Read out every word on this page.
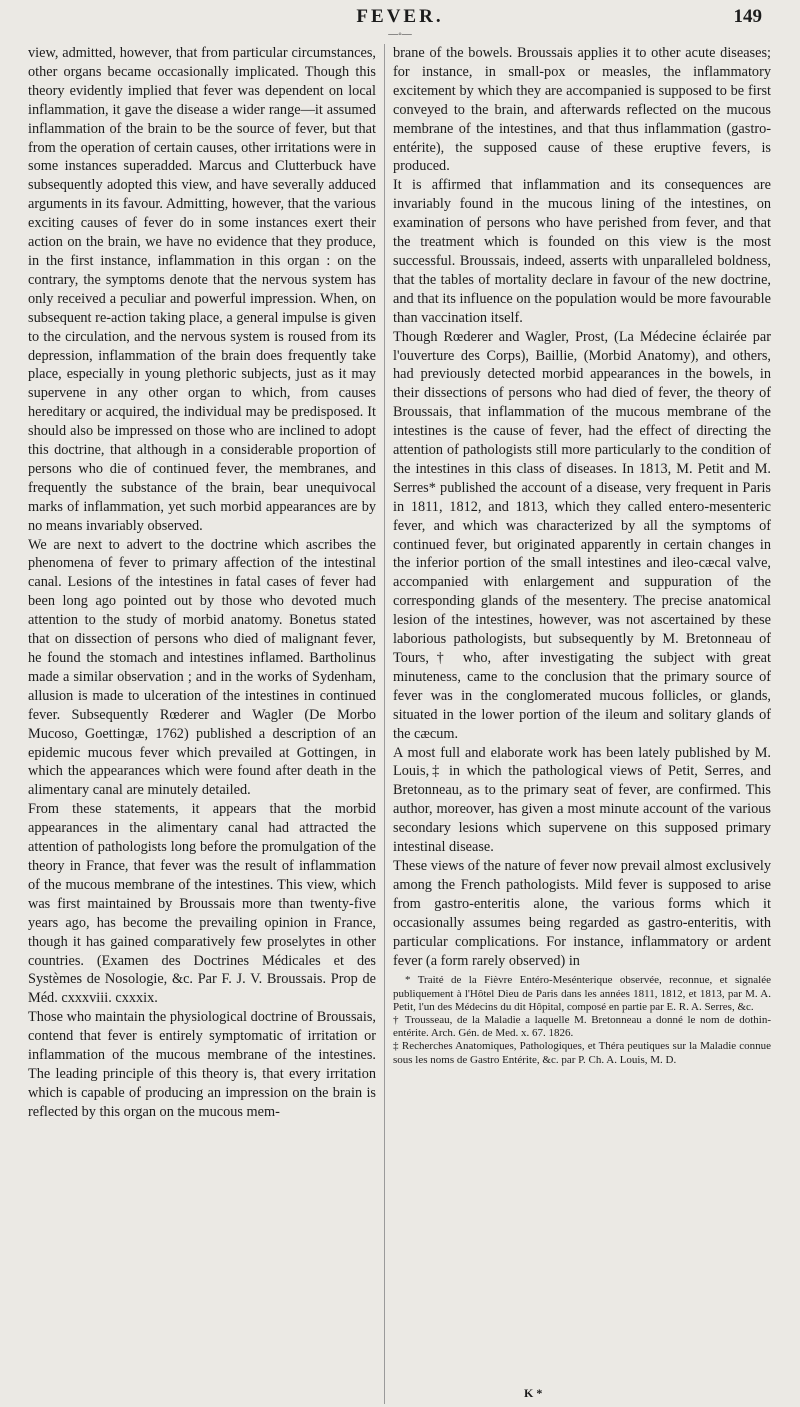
FEVER.	149
—◦—

view, admitted, however, that from particular circumstances, other organs became occasionally implicated. Though this theory evidently implied that fever was dependent on local inflammation, it gave the disease a wider range—it assumed inflammation of the brain to be the source of fever, but that from the operation of certain causes, other irritations were in some instances superadded. Marcus and Clutterbuck have subsequently adopted this view, and have severally adduced arguments in its favour. Admitting, however, that the various exciting causes of fever do in some instances exert their action on the brain, we have no evidence that they produce, in the first instance, inflammation in this organ : on the contrary, the symptoms denote that the nervous system has only received a peculiar and powerful impression. When, on subsequent re-action taking place, a general impulse is given to the circulation, and the nervous system is roused from its depression, inflammation of the brain does frequently take place, especially in young plethoric subjects, just as it may supervene in any other organ to which, from causes hereditary or acquired, the individual may be predisposed. It should also be impressed on those who are inclined to adopt this doctrine, that although in a considerable proportion of persons who die of continued fever, the membranes, and frequently the substance of the brain, bear unequivocal marks of inflammation, yet such morbid appearances are by no means invariably observed.

We are next to advert to the doctrine which ascribes the phenomena of fever to primary affection of the intestinal canal. Lesions of the intestines in fatal cases of fever had been long ago pointed out by those who devoted much attention to the study of morbid anatomy. Bonetus stated that on dissection of persons who died of malignant fever, he found the stomach and intestines inflamed. Bartholinus made a similar observation ; and in the works of Sydenham, allusion is made to ulceration of the intestines in continued fever. Subsequently Rœderer and Wagler (De Morbo Mucoso, Goettingæ, 1762) published a description of an epidemic mucous fever which prevailed at Gottingen, in which the appearances which were found after death in the alimentary canal are minutely detailed.

From these statements, it appears that the morbid appearances in the alimentary canal had attracted the attention of pathologists long before the promulgation of the theory in France, that fever was the result of inflammation of the mucous membrane of the intestines. This view, which was first maintained by Broussais more than twenty-five years ago, has become the prevailing opinion in France, though it has gained comparatively few proselytes in other countries. (Examen des Doctrines Médicales et des Systèmes de Nosologie, &c. Par F. J. V. Broussais. Prop de Méd. cxxxviii. cxxxix.

Those who maintain the physiological doctrine of Broussais, contend that fever is entirely symptomatic of irritation or inflammation of the mucous membrane of the intestines. The leading principle of this theory is, that every irritation which is capable of producing an impression on the brain is reflected by this organ on the mucous mem-

brane of the bowels. Broussais applies it to other acute diseases; for instance, in small-pox or measles, the inflammatory excitement by which they are accompanied is supposed to be first conveyed to the brain, and afterwards reflected on the mucous membrane of the intestines, and that thus inflammation (gastro-entérite), the supposed cause of these eruptive fevers, is produced.

It is affirmed that inflammation and its consequences are invariably found in the mucous lining of the intestines, on examination of persons who have perished from fever, and that the treatment which is founded on this view is the most successful. Broussais, indeed, asserts with unparalleled boldness, that the tables of mortality declare in favour of the new doctrine, and that its influence on the population would be more favourable than vaccination itself.

Though Rœderer and Wagler, Prost, (La Médecine éclairée par l'ouverture des Corps), Baillie, (Morbid Anatomy), and others, had previously detected morbid appearances in the bowels, in their dissections of persons who had died of fever, the theory of Broussais, that inflammation of the mucous membrane of the intestines is the cause of fever, had the effect of directing the attention of pathologists still more particularly to the condition of the intestines in this class of diseases. In 1813, M. Petit and M. Serres* published the account of a disease, very frequent in Paris in 1811, 1812, and 1813, which they called entero-mesenteric fever, and which was characterized by all the symptoms of continued fever, but originated apparently in certain changes in the inferior portion of the small intestines and ileo-cæcal valve, accompanied with enlargement and suppuration of the corresponding glands of the mesentery. The precise anatomical lesion of the intestines, however, was not ascertained by these laborious pathologists, but subsequently by M. Bretonneau of Tours,† who, after investigating the subject with great minuteness, came to the conclusion that the primary source of fever was in the conglomerated mucous follicles, or glands, situated in the lower portion of the ileum and solitary glands of the cæcum.

A most full and elaborate work has been lately published by M. Louis,‡ in which the pathological views of Petit, Serres, and Bretonneau, as to the primary seat of fever, are confirmed. This author, moreover, has given a most minute account of the various secondary lesions which supervene on this supposed primary intestinal disease.

These views of the nature of fever now prevail almost exclusively among the French pathologists. Mild fever is supposed to arise from gastro-enteritis alone, the various forms which it occasionally assumes being regarded as gastro-enteritis, with particular complications. For instance, inflammatory or ardent fever (a form rarely observed) in

* Traité de la Fièvre Entéro-Mesénterique observée, reconnue, et signalée publiquement à l'Hôtel Dieu de Paris dans les années 1811, 1812, et 1813, par M. A. Petit, l'un des Médecins du dit Hôpital, composé en partie par E. R. A. Serres, &c.

† Trousseau, de la Maladie a laquelle M. Bretonneau a donné le nom de dothin-entérite. Arch. Gén. de Med. x. 67. 1826.

‡ Recherches Anatomiques, Pathologiques, et Théra peutiques sur la Maladie connue sous les noms de Gastro Entérite, &c. par P. Ch. A. Louis, M. D.

K *
